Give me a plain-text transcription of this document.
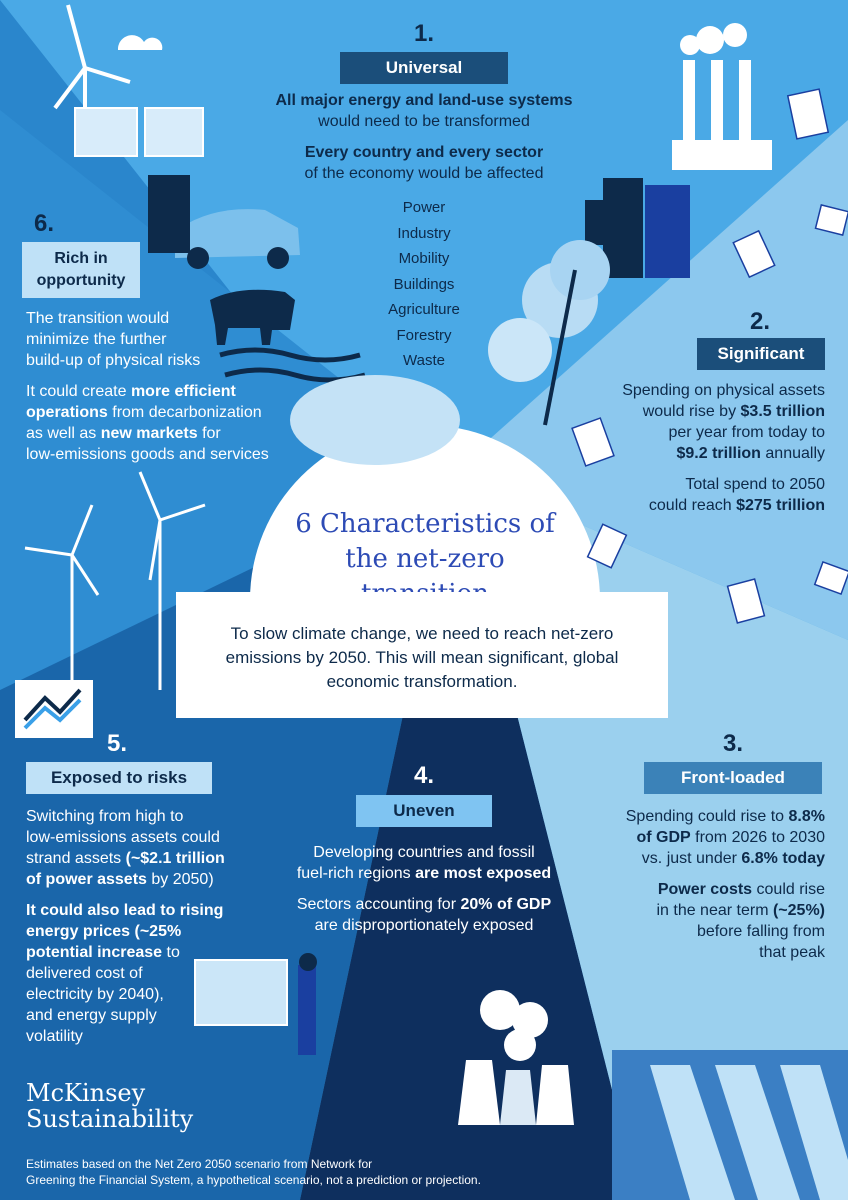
1.
Universal

All major energy and land-use systems
would need to be transformed

Every country and every sector
of the economy would be affected

Power
Industry
Mobility
Buildings
Agriculture
Forestry
Waste
6.
Rich in
opportunity

The transition would
minimize the further
build-up of physical risks

It could create more efficient
operations from decarbonization
as well as new markets for
low-emissions goods and services

2.
Significant

Spending on physical assets
would rise by $3.5 trillion
per year from today to
$9.2 trillion annually

Total spend to 2050
could reach $275 trillion

6 Characteristics of the net-zero
To slow climate change, we need to reach net-zero emissions by 2050. This will mean significant, global economic transformation.
5.
Exposed to risks

Switching from high to
low-emissions assets could
strand assets (~$2.1 trillion
of power assets by 2050)

It could also lead to rising
energy prices (~25%
potential increase to
delivered cost of
electricity by 2040),
and energy supply
volatility

4.
Uneven

Developing countries and fossil
fuel-rich regions are most exposed

Sectors accounting for 20% of GDP
are disproportionately exposed

3.
Front-loaded

Spending could rise to 8.8%
of GDP from 2026 to 2030
vs. just under 6.8% today

Power costs could rise
in the near term (~25%)
before falling from
that peak

McKinsey
Sustainability
Estimates based on the Net Zero 2050 scenario from Network for
Greening the Financial System, a hypothetical scenario, not a prediction or projection.
